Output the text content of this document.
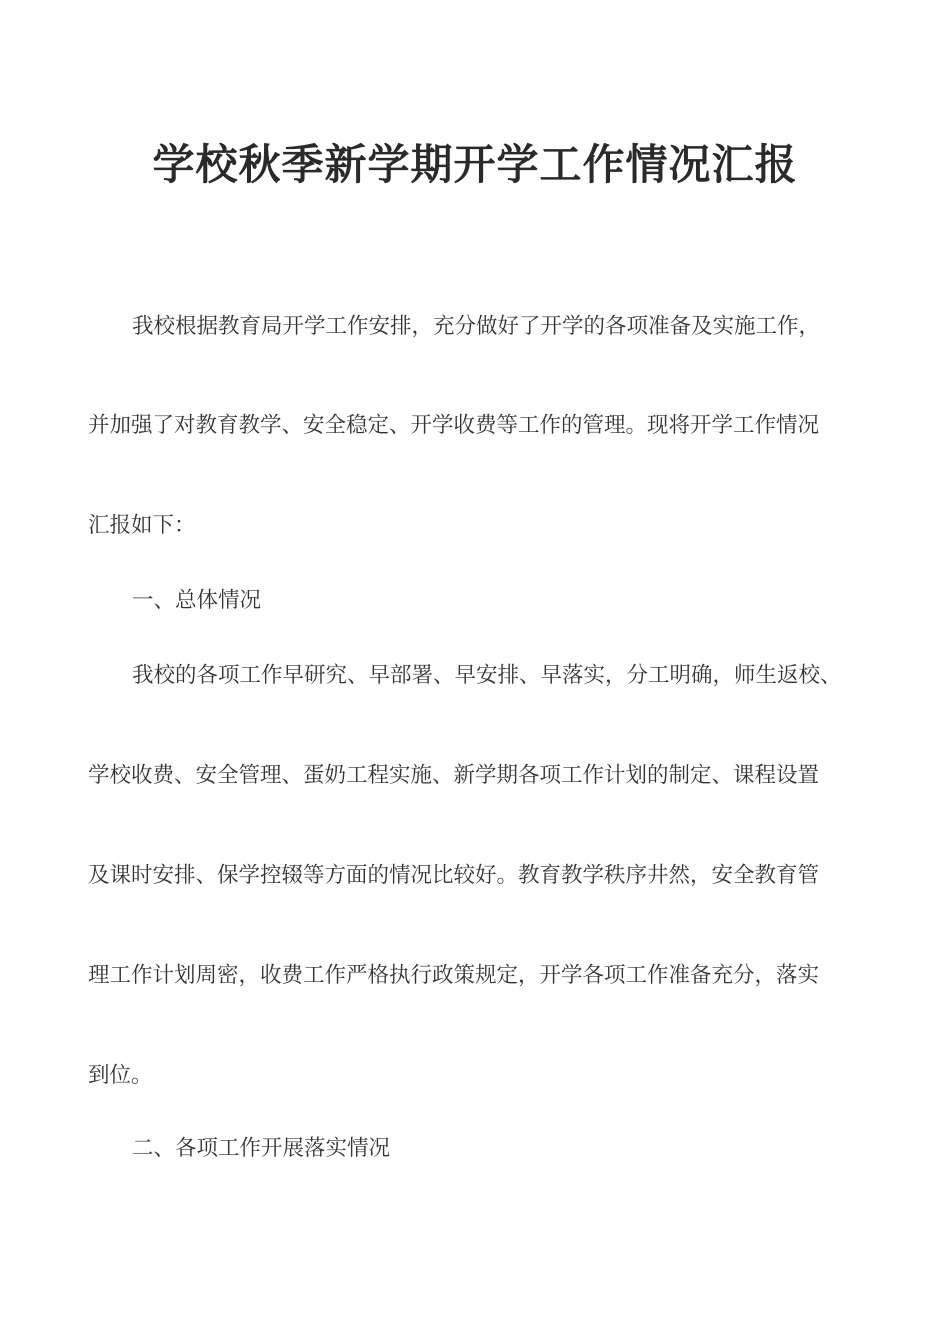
学校秋季新学期开学工作情况汇报
我校根据教育局开学工作安排，充分做好了开学的各项准备及实施工作，
并加强了对教育教学、安全稳定、开学收费等工作的管理。现将开学工作情况
汇报如下：
一、总体情况
我校的各项工作早研究、早部署、早安排、早落实，分工明确，师生返校、
学校收费、安全管理、蛋奶工程实施、新学期各项工作计划的制定、课程设置
及课时安排、保学控辍等方面的情况比较好。教育教学秩序井然，安全教育管
理工作计划周密，收费工作严格执行政策规定，开学各项工作准备充分，落实
到位。
二、各项工作开展落实情况
